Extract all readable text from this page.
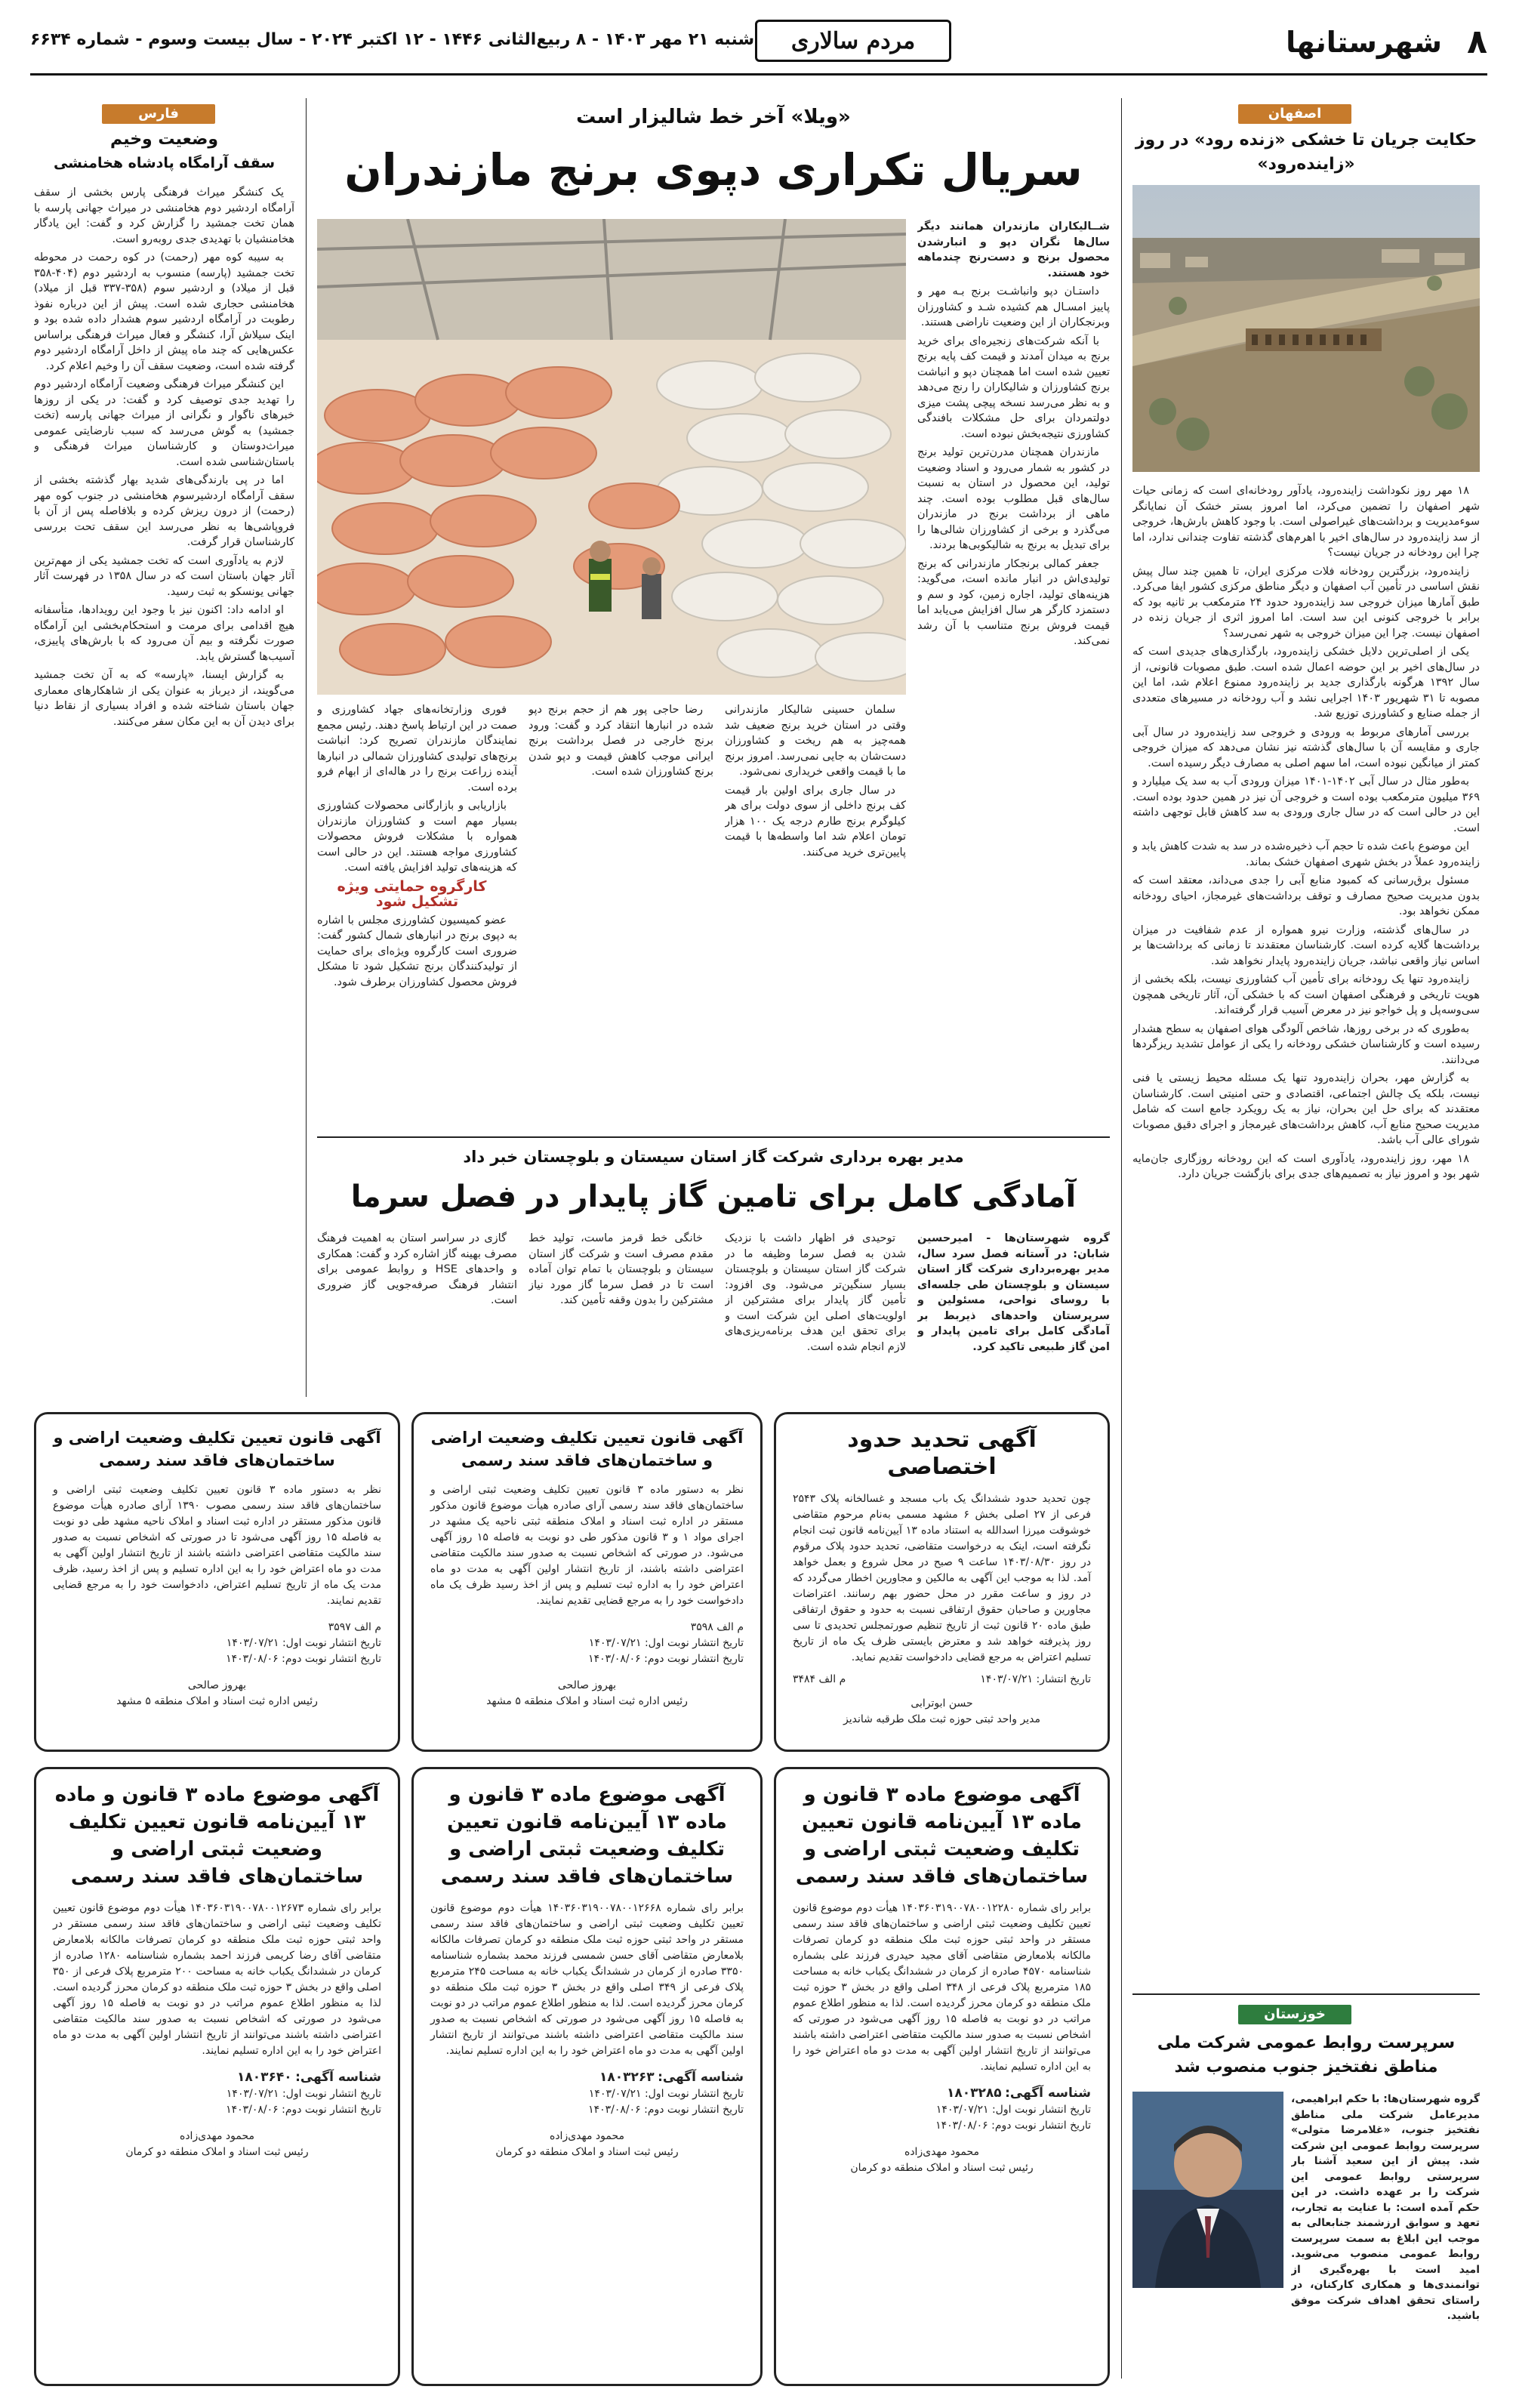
۸
شهرستانها
مردم سالاری
شنبه ۲۱ مهر ۱۴۰۳ - ۸ ربیع‌الثانی ۱۴۴۶ - ۱۲ اکتبر ۲۰۲۴ - سال بیست وسوم - شماره ۶۶۳۴
اصفهان
حکایت جریان تا خشکی «زنده رود» در روز «زاینده‌رود»

۱۸ مهر روز نکوداشت زاینده‌رود، یادآور رودخانه‌ای است که زمانی حیات شهر اصفهان را تضمین می‌کرد، اما امروز بستر خشک آن نمایانگر سوءمدیریت و برداشت‌های غیراصولی است. با وجود کاهش بارش‌ها، خروجی از سد زاینده‌رود در سال‌های اخیر با اهرم‌های گذشته تفاوت چندانی ندارد، اما چرا این رودخانه در جریان نیست؟

زاینده‌رود، بزرگترین رودخانه فلات مرکزی ایران، تا همین چند سال پیش نقش اساسی در تأمین آب اصفهان و دیگر مناطق مرکزی کشور ایفا می‌کرد. طبق آمارها میزان خروجی سد زاینده‌رود حدود ۲۴ مترمکعب بر ثانیه بود که برابر با خروجی کنونی این سد است. اما امروز اثری از جریان زنده در اصفهان نیست. چرا این میزان خروجی به شهر نمی‌رسد؟

یکی از اصلی‌ترین دلایل خشکی زاینده‌رود، بارگذاری‌های جدیدی است که در سال‌های اخیر بر این حوضه اعمال شده است. طبق مصوبات قانونی، از سال ۱۳۹۲ هرگونه بارگذاری جدید بر زاینده‌رود ممنوع اعلام شد، اما این مصوبه تا ۳۱ شهریور ۱۴۰۳ اجرایی نشد و آب رودخانه در مسیرهای متعددی از جمله صنایع و کشاورزی توزیع شد.

بررسی آمارهای مربوط به ورودی و خروجی سد زاینده‌رود در سال آبی جاری و مقایسه آن با سال‌های گذشته نیز نشان می‌دهد که میزان خروجی کمتر از میانگین نبوده است، اما سهم اصلی به مصارف دیگر رسیده است.

به‌طور مثال در سال آبی ۱۴۰۲-۱۴۰۱ میزان ورودی آب به سد یک میلیارد و ۳۶۹ میلیون مترمکعب بوده است و خروجی آن نیز در همین حدود بوده است. این در حالی است که در سال جاری ورودی به سد کاهش قابل توجهی داشته است.

این موضوع باعث شده تا حجم آب ذخیره‌شده در سد به شدت کاهش یابد و زاینده‌رود عملاً در بخش شهری اصفهان خشک بماند.

مسئول برق‌رسانی که کمبود منابع آبی را جدی می‌داند، معتقد است که بدون مدیریت صحیح مصارف و توقف برداشت‌های غیرمجاز، احیای رودخانه ممکن نخواهد بود.

در سال‌های گذشته، وزارت نیرو همواره از عدم شفافیت در میزان برداشت‌ها گلایه کرده است. کارشناسان معتقدند تا زمانی که برداشت‌ها بر اساس نیاز واقعی نباشد، جریان زاینده‌رود پایدار نخواهد شد.

زاینده‌رود تنها یک رودخانه برای تأمین آب کشاورزی نیست، بلکه بخشی از هویت تاریخی و فرهنگی اصفهان است که با خشکی آن، آثار تاریخی همچون سی‌وسه‌پل و پل خواجو نیز در معرض آسیب قرار گرفته‌اند.

به‌طوری که در برخی روزها، شاخص آلودگی هوای اصفهان به سطح هشدار رسیده است و کارشناسان خشکی رودخانه را یکی از عوامل تشدید ریزگردها می‌دانند.

به گزارش مهر، بحران زاینده‌رود تنها یک مسئله محیط زیستی یا فنی نیست، بلکه یک چالش اجتماعی، اقتصادی و حتی امنیتی است. کارشناسان معتقدند که برای حل این بحران، نیاز به یک رویکرد جامع است که شامل مدیریت صحیح منابع آب، کاهش برداشت‌های غیرمجاز و اجرای دقیق مصوبات شورای عالی آب باشد.

۱۸ مهر، روز زاینده‌رود، یادآوری است که این رودخانه روزگاری جان‌مایه شهر بود و امروز نیاز به تصمیم‌های جدی برای بازگشت جریان دارد.

خوزستان
سرپرست روابط عمومی شرکت ملی مناطق نفتخیز جنوب منصوب شد

گروه شهرستان‌ها: با حکم ابراهیمی، مدیرعامل شرکت ملی مناطق نفتخیز جنوب، «غلامرضا متولی» سرپرست روابط عمومی این شرکت شد. پیش از این سعید آشنا بار سرپرستی روابط عمومی این شرکت را بر عهده داشت. در این حکم آمده است: با عنایت به تجارب، تعهد و سوابق ارزشمند جنابعالی به موجب این ابلاغ به سمت سرپرست روابط عمومی منصوب می‌شوید. امید است با بهره‌گیری از توانمندی‌ها و همکاری کارکنان، در راستای تحقق اهداف شرکت موفق باشید.

فارس
وضعیت وخیم
سقف آرامگاه پادشاه هخامنشی

یک کنشگر میراث فرهنگی پارس بخشی از سقف آرامگاه اردشیر دوم هخامنشی در میراث جهانی پارسه با همان تخت جمشید را گزارش کرد و گفت: این یادگار هخامنشیان با تهدیدی جدی روبه‌رو است.

به سیبه کوه مهر (رحمت) در کوه رحمت در محوطه تخت جمشید (پارسه) منسوب به اردشیر دوم (۴۰۴-۳۵۸ قبل از میلاد) و اردشیر سوم (۳۵۸-۳۳۷ قبل از میلاد) هخامنشی حجاری شده است. پیش از این درباره نفوذ رطوبت در آرامگاه اردشیر سوم هشدار داده شده بود و اینک سیلاش آرا، کنشگر و فعال میراث فرهنگی براساس عکس‌هایی که چند ماه پیش از داخل آرامگاه اردشیر دوم گرفته شده است، وضعیت سقف آن را وخیم اعلام کرد.

این کنشگر میراث فرهنگی وضعیت آرامگاه اردشیر دوم را تهدید جدی توصیف کرد و گفت: در یکی از روزها خبرهای ناگوار و نگرانی از میراث جهانی پارسه (تخت جمشید) به گوش می‌رسد که سبب نارضایتی عمومی میراث‌دوستان و کارشناسان میراث فرهنگی و باستان‌شناسی شده است.

اما در پی بارندگی‌های شدید بهار گذشته بخشی از سقف آرامگاه اردشیر‌سوم هخامنشی در جنوب کوه مهر (رحمت) از درون ریزش کرده و بلافاصله پس از آن با فروپاشی‌ها به نظر می‌رسد این سقف تحت بررسی کارشناسان قرار گرفت.

لازم به یادآوری است که تخت جمشید یکی از مهم‌ترین آثار جهان باستان است که در سال ۱۳۵۸ در فهرست آثار جهانی یونسکو به ثبت رسید.

او ادامه داد: اکنون نیز با وجود این رویدادها، متأسفانه هیچ اقدامی برای مرمت و استحکام‌بخشی این آرامگاه صورت نگرفته و بیم آن می‌رود که با بارش‌های پاییزی، آسیب‌ها گسترش یابد.

به گزارش ایسنا، «پارسه» که به آن تخت جمشید می‌گویند، از دیرباز به عنوان یکی از شاهکارهای معماری جهان باستان شناخته شده و افراد بسیاری از نقاط دنیا برای دیدن آن به این مکان سفر می‌کنند.

«ویلا» آخر خط شالیزار است
سریال تکراری دپوی برنج مازندران

شــالیکاران مازندران همانند دیگر سال‌ها نگران دپو و انبارشدن محصول برنج و دست‌رنج چندماهه خود هستند.

داستـان دپو وانباشـت برنج بـه مهر و پاییز امسـال هم کشیده شـد و کشاورزان وبرنجکاران از این وضعیت ناراضی هستند.

با آنکه شرکت‌های زنجیره‌ای برای خرید برنج به میدان آمدند و قیمت کف پایه برنج تعیین شده است اما همچنان دپو و انباشت برنج کشاورزان و شالیکاران را رنج می‌دهد و به نظر می‌رسد نسخه پیچی پشت میزی دولتمردان برای حل مشکلات بافندگی کشاورزی نتیجه‌بخش نبوده است.

مازندران همچنان مدرن‌ترین تولید برنج در کشور به شمار می‌رود و اسناد وضعیت تولید، این محصول در استان به نسبت سال‌های قبل مطلوب بوده است. چند ماهی از برداشت برنج در مازندران می‌گذرد و برخی از کشاورزان شالی‌ها را برای تبدیل به برنج به شالیکوبی‌ها بردند.

جعفر کمالی برنجکار مازندرانی که برنج تولیدی‌اش در انبار مانده است، می‌گوید: هزینه‌های تولید، اجاره زمین، کود و سم و دستمزد کارگر هر سال افزایش می‌یابد اما قیمت فروش برنج متناسب با آن رشد نمی‌کند.

سلمان حسینی شالیکار مازندرانی وقتی در استان خرید برنج ضعیف شد همه‌چیز به هم ریخت و کشاورزان دست‌شان به جایی نمی‌رسد. امروز برنج ما با قیمت واقعی خریداری نمی‌شود.

در سال جاری برای اولین بار قیمت کف برنج داخلی از سوی دولت برای هر کیلوگرم برنج طارم درجه یک ۱۰۰ هزار تومان اعلام شد اما واسطه‌ها با قیمت پایین‌تری خرید می‌کنند.

رضا حاجی پور هم از حجم برنج دپو شده در انبارها انتقاد کرد و گفت: ورود برنج خارجی در فصل برداشت برنج ایرانی موجب کاهش قیمت و دپو شدن برنج کشاورزان شده است.

فوری وزارتخانه‌های جهاد کشاورزی و صمت در این ارتباط پاسخ دهند. رئیس مجمع نمایندگان مازندران تصریح کرد: انباشت برنج‌های تولیدی کشاورزان شمالی در انبارها آینده زراعت برنج را در هاله‌ای از ابهام فرو برده است.

بازاریابی و بازارگانی محصولات کشاورزی بسیار مهم است و کشاورزان مازندران همواره با مشکلات فروش محصولات کشاورزی مواجه هستند. این در حالی است که هزینه‌های تولید افزایش یافته است.

کارگروه حمایتی ویژه تشکیل شود

عضو کمیسیون کشاورزی مجلس با اشاره به دپوی برنج در انبارهای شمال کشور گفت: ضروری است کارگروه ویژه‌ای برای حمایت از تولیدکنندگان برنج تشکیل شود تا مشکل فروش محصول کشاورزان برطرف شود.

مدیر بهره برداری شرکت گاز استان سیستان و بلوچستان خبر داد
آمادگی کامل برای تامین گاز پایدار در فصل سرما

گروه شهرستان‌ها - امیرحسین شابان: در آستانه فصل سرد سال، مدیر بهره‌برداری شرکت گاز استان سیستان و بلوچستان طی جلسه‌ای با روسای نواحی، مسئولین و سرپرستان واحدهای ذیربط بر آمادگی کامل برای تامین پایدار و امن گاز طبیعی تاکید کرد.

توحیدی فر اظهار داشت با نزدیک شدن به فصل سرما وظیفه ما در شرکت گاز استان سیستان و بلوچستان بسیار سنگین‌تر می‌شود. وی افزود: تأمین گاز پایدار برای مشترکین از اولویت‌های اصلی این شرکت است و برای تحقق این هدف برنامه‌ریزی‌های لازم انجام شده است.

خانگی خط قرمز ماست، تولید خط مقدم مصرف است و شرکت گاز استان سیستان و بلوچستان با تمام توان آماده است تا در فصل سرما گاز مورد نیاز مشترکین را بدون وقفه تأمین کند.

گازی در سراسر استان به اهمیت فرهنگ مصرف بهینه گاز اشاره کرد و گفت: همکاری و واحدهای HSE و روابط عمومی برای انتشار فرهنگ صرفه‌جویی گاز ضروری است.

آگهی تحدید حدود اختصاصی
چون تحدید حدود ششدانگ یک باب مسجد و غسالخانه پلاک ۲۵۴۳ فرعی از ۲۷ اصلی بخش ۶ مشهد مسمی به‌نام مرحوم متقاضی خوشوقت میرزا اسدالله به استناد ماده ۱۳ آیین‌نامه قانون ثبت انجام نگرفته است، اینک به درخواست متقاضی، تحدید حدود پلاک مرقوم در روز ۱۴۰۳/۰۸/۳۰ ساعت ۹ صبح در محل شروع و بعمل خواهد آمد. لذا به موجب این آگهی به مالکین و مجاورین اخطار می‌گردد که در روز و ساعت مقرر در محل حضور بهم رسانند. اعتراضات مجاورین و صاحبان حقوق ارتفاقی نسبت به حدود و حقوق ارتفاقی طبق ماده ۲۰ قانون ثبت از تاریخ تنظیم صورتمجلس تحدیدی تا سی روز پذیرفته خواهد شد و معترض بایستی ظرف یک ماه از تاریخ تسلیم اعتراض به مرجع قضایی دادخواست تقدیم نماید.
تاریخ انتشار: ۱۴۰۳/۰۷/۲۱
م الف ۳۴۸۴
حسن ابوترابی
مدیر واحد ثبتی حوزه ثبت ملک طرقبه شاندیز
آگهی قانون تعیین تکلیف وضعیت اراضی و ساختمان‌های فاقد سند رسمی
نظر به دستور ماده ۳ قانون تعیین تکلیف وضعیت ثبتی اراضی و ساختمان‌های فاقد سند رسمی آرای صادره هیأت موضوع قانون مذکور مستقر در اداره ثبت اسناد و املاک منطقه ثبتی ناحیه یک مشهد در اجرای مواد ۱ و ۳ قانون مذکور طی دو نوبت به فاصله ۱۵ روز آگهی می‌شود. در صورتی که اشخاص نسبت به صدور سند مالکیت متقاضی اعتراضی داشته باشند، از تاریخ انتشار اولین آگهی به مدت دو ماه اعتراض خود را به اداره ثبت تسلیم و پس از اخذ رسید ظرف یک ماه دادخواست خود را به مرجع قضایی تقدیم نمایند.
م الف ۳۵۹۸
تاریخ انتشار نوبت اول: ۱۴۰۳/۰۷/۲۱
تاریخ انتشار نوبت دوم: ۱۴۰۳/۰۸/۰۶
بهروز صالحی
رئیس اداره ثبت اسناد و املاک منطقه ۵ مشهد
آگهی قانون تعیین تکلیف وضعیت اراضی و ساختمان‌های فاقد سند رسمی
نظر به دستور ماده ۳ قانون تعیین تکلیف وضعیت ثبتی اراضی و ساختمان‌های فاقد سند رسمی مصوب ۱۳۹۰ آرای صادره هیأت موضوع قانون مذکور مستقر در اداره ثبت اسناد و املاک ناحیه مشهد طی دو نوبت به فاصله ۱۵ روز آگهی می‌شود تا در صورتی که اشخاص نسبت به صدور سند مالکیت متقاضی اعتراضی داشته باشند از تاریخ انتشار اولین آگهی به مدت دو ماه اعتراض خود را به این اداره تسلیم و پس از اخذ رسید، ظرف مدت یک ماه از تاریخ تسلیم اعتراض، دادخواست خود را به مرجع قضایی تقدیم نمایند.
م الف ۳۵۹۷
تاریخ انتشار نوبت اول: ۱۴۰۳/۰۷/۲۱
تاریخ انتشار نوبت دوم: ۱۴۰۳/۰۸/۰۶
بهروز صالحی
رئیس اداره ثبت اسناد و املاک منطقه ۵ مشهد
آگهی موضوع ماده ۳ قانون و ماده ۱۳ آیین‌نامه قانون تعیین تکلیف وضعیت ثبتی اراضی و ساختمان‌های فاقد سند رسمی
برابر رای شماره ۱۴۰۳۶۰۳۱۹۰۰۷۸۰۰۱۲۲۸۰ هیأت دوم موضوع قانون تعیین تکلیف وضعیت ثبتی اراضی و ساختمان‌های فاقد سند رسمی مستقر در واحد ثبتی حوزه ثبت ملک منطقه دو کرمان تصرفات مالکانه بلامعارض متقاضی آقای مجید حیدری فرزند علی بشماره شناسنامه ۴۵۷۰ صادره از کرمان در ششدانگ یکباب خانه به مساحت ۱۸۵ مترمربع پلاک فرعی از ۳۴۸ اصلی واقع در بخش ۳ حوزه ثبت ملک منطقه دو کرمان محرز گردیده است. لذا به منظور اطلاع عموم مراتب در دو نوبت به فاصله ۱۵ روز آگهی می‌شود در صورتی که اشخاص نسبت به صدور سند مالکیت متقاضی اعتراضی داشته باشند می‌توانند از تاریخ انتشار اولین آگهی به مدت دو ماه اعتراض خود را به این اداره تسلیم نمایند.
شناسه آگهی: ۱۸۰۳۲۸۵
تاریخ انتشار نوبت اول: ۱۴۰۳/۰۷/۲۱
تاریخ انتشار نوبت دوم: ۱۴۰۳/۰۸/۰۶
محمود مهدی‌زاده
رئیس ثبت اسناد و املاک منطقه دو کرمان
آگهی موضوع ماده ۳ قانون و ماده ۱۳ آیین‌نامه قانون تعیین تکلیف وضعیت ثبتی اراضی و ساختمان‌های فاقد سند رسمی
برابر رای شماره ۱۴۰۳۶۰۳۱۹۰۰۷۸۰۰۱۲۶۶۸ هیأت دوم موضوع قانون تعیین تکلیف وضعیت ثبتی اراضی و ساختمان‌های فاقد سند رسمی مستقر در واحد ثبتی حوزه ثبت ملک منطقه دو کرمان تصرفات مالکانه بلامعارض متقاضی آقای حسن شمسی فرزند محمد بشماره شناسنامه ۳۳۵۰ صادره از کرمان در ششدانگ یکباب خانه به مساحت ۲۴۵ مترمربع پلاک فرعی از ۳۴۹ اصلی واقع در بخش ۳ حوزه ثبت ملک منطقه دو کرمان محرز گردیده است. لذا به منظور اطلاع عموم مراتب در دو نوبت به فاصله ۱۵ روز آگهی می‌شود در صورتی که اشخاص نسبت به صدور سند مالکیت متقاضی اعتراضی داشته باشند می‌توانند از تاریخ انتشار اولین آگهی به مدت دو ماه اعتراض خود را به این اداره تسلیم نمایند.
شناسه آگهی: ۱۸۰۳۲۶۳
تاریخ انتشار نوبت اول: ۱۴۰۳/۰۷/۲۱
تاریخ انتشار نوبت دوم: ۱۴۰۳/۰۸/۰۶
محمود مهدی‌زاده
رئیس ثبت اسناد و املاک منطقه دو کرمان
آگهی موضوع ماده ۳ قانون و ماده ۱۳ آیین‌نامه قانون تعیین تکلیف وضعیت ثبتی اراضی و ساختمان‌های فاقد سند رسمی
برابر رای شماره ۱۴۰۳۶۰۳۱۹۰۰۷۸۰۰۱۲۶۷۳ هیأت دوم موضوع قانون تعیین تکلیف وضعیت ثبتی اراضی و ساختمان‌های فاقد سند رسمی مستقر در واحد ثبتی حوزه ثبت ملک منطقه دو کرمان تصرفات مالکانه بلامعارض متقاضی آقای رضا کریمی فرزند احمد بشماره شناسنامه ۱۲۸۰ صادره از کرمان در ششدانگ یکباب خانه به مساحت ۲۰۰ مترمربع پلاک فرعی از ۳۵۰ اصلی واقع در بخش ۳ حوزه ثبت ملک منطقه دو کرمان محرز گردیده است. لذا به منظور اطلاع عموم مراتب در دو نوبت به فاصله ۱۵ روز آگهی می‌شود در صورتی که اشخاص نسبت به صدور سند مالکیت متقاضی اعتراضی داشته باشند می‌توانند از تاریخ انتشار اولین آگهی به مدت دو ماه اعتراض خود را به این اداره تسلیم نمایند.
شناسه آگهی: ۱۸۰۳۶۴۰
تاریخ انتشار نوبت اول: ۱۴۰۳/۰۷/۲۱
تاریخ انتشار نوبت دوم: ۱۴۰۳/۰۸/۰۶
محمود مهدی‌زاده
رئیس ثبت اسناد و املاک منطقه دو کرمان
